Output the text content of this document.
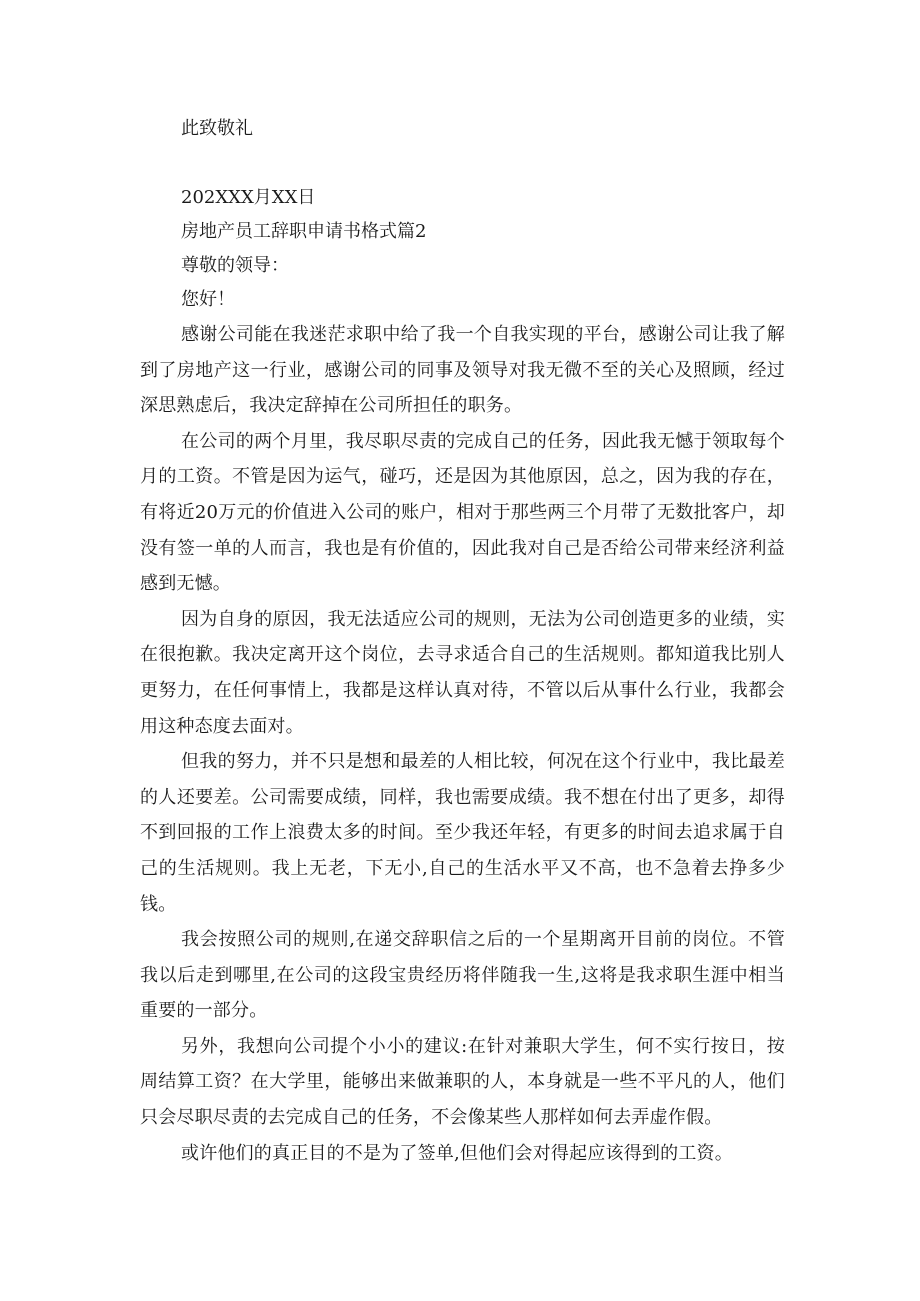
此致敬礼

202XXX月XX日

房地产员工辞职申请书格式篇2

尊敬的领导：

您好！

感谢公司能在我迷茫求职中给了我一个自我实现的平台，感谢公司让我了解到了房地产这一行业，感谢公司的同事及领导对我无微不至的关心及照顾，经过深思熟虑后，我决定辞掉在公司所担任的职务。

在公司的两个月里，我尽职尽责的完成自己的任务，因此我无憾于领取每个月的工资。不管是因为运气，碰巧，还是因为其他原因，总之，因为我的存在，有将近20万元的价值进入公司的账户，相对于那些两三个月带了无数批客户，却没有签一单的人而言，我也是有价值的，因此我对自己是否给公司带来经济利益感到无憾。

因为自身的原因，我无法适应公司的规则，无法为公司创造更多的业绩，实在很抱歉。我决定离开这个岗位，去寻求适合自己的生活规则。都知道我比别人更努力，在任何事情上，我都是这样认真对待，不管以后从事什么行业，我都会用这种态度去面对。

但我的努力，并不只是想和最差的人相比较，何况在这个行业中，我比最差的人还要差。公司需要成绩，同样，我也需要成绩。我不想在付出了更多，却得不到回报的工作上浪费太多的时间。至少我还年轻，有更多的时间去追求属于自己的生活规则。我上无老，下无小,自己的生活水平又不高，也不急着去挣多少钱。

我会按照公司的规则,在递交辞职信之后的一个星期离开目前的岗位。不管我以后走到哪里,在公司的这段宝贵经历将伴随我一生,这将是我求职生涯中相当重要的一部分。

另外，我想向公司提个小小的建议:在针对兼职大学生，何不实行按日，按周结算工资？在大学里，能够出来做兼职的人，本身就是一些不平凡的人，他们只会尽职尽责的去完成自己的任务，不会像某些人那样如何去弄虚作假。

或许他们的真正目的不是为了签单,但他们会对得起应该得到的工资。
